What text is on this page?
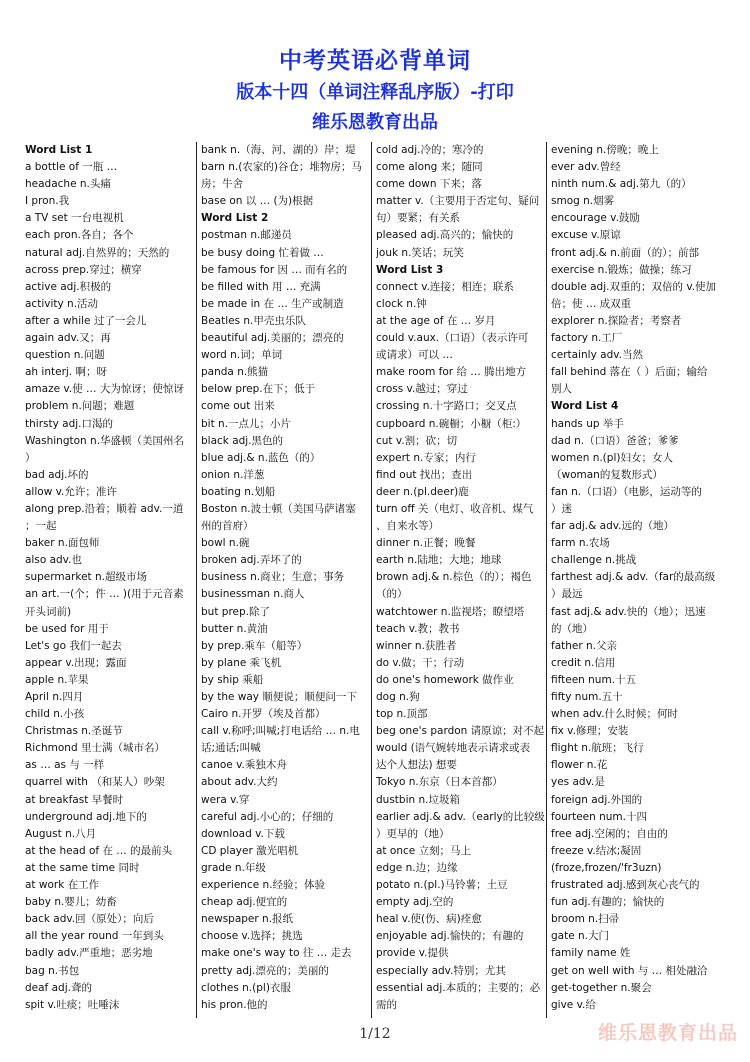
中考英语必背单词
版本十四（单词注释乱序版）-打印
维乐恩教育出品
Word List 1
a bottle of 一瓶 …
headache n.头痛
I pron.我
a TV set 一台电视机
each pron.各自；各个
natural adj.自然界的；天然的
across prep.穿过；横穿
active adj.积极的
activity n.活动
after a while 过了一会儿
again adv.又；再
question n.问题
ah interj. 啊；呀
amaze v.使 … 大为惊讶；使惊讶
problem n.问题；难题
thirsty adj.口渴的
Washington n.华盛顿（美国州名
）
bad adj.坏的
allow v.允许；准许
along prep.沿着；顺着 adv.一道
；一起
baker n.面包师
also adv.也
supermarket n.超级市场
an art.一(个；件 … )(用于元音素
开头词前)
be used for 用于
Let's go 我们一起去
appear v.出现；露面
apple n.苹果
April n.四月
child n.小孩
Christmas n.圣诞节
Richmond 里士满（城市名）
as … as 与 一样
quarrel with （和某人）吵架
at breakfast 早餐时
underground adj.地下的
August n.八月
at the head of 在 … 的最前头
at the same time 同时
at work 在工作
baby n.婴儿；幼畜
back adv.回（原处）；向后
all the year round 一年到头
badly adv.严重地；恶劣地
bag n.书包
deaf adj.聋的
spit v.吐痰；吐唾沫
bank n.（海、河、湖的）岸；堤
barn n.(农家的)谷仓；堆物房；马
房；牛舍
base on 以 … (为)根据
Word List 2
postman n.邮递员
be busy doing 忙着做 …
be famous for 因 … 而有名的
be filled with 用 … 充满
be made in 在 … 生产或制造
Beatles n.甲壳虫乐队
beautiful adj.美丽的；漂亮的
word n.词；单词
panda n.熊猫
below prep.在下；低于
come out 出来
bit n.一点儿；小片
black adj.黑色的
blue adj.& n.蓝色（的）
onion n.洋葱
boating n.划船
Boston n.波士顿（美国马萨诸塞
州的首府）
bowl n.碗
broken adj.弄坏了的
business n.商业；生意；事务
businessman n.商人
but prep.除了
butter n.黄油
by prep.乘车（船等）
by plane 乘飞机
by ship 乘船
by the way 顺便说；顺便问一下
Cairo n.开罗（埃及首都）
call v.称呼;叫喊;打电话给 … n.电
话;通话;叫喊
canoe v.乘独木舟
about adv.大约
wera v.穿
careful adj.小心的；仔细的
download v.下载
CD player 激光唱机
grade n.年级
experience n.经验；体验
cheap adj.便宜的
newspaper n.报纸
choose v.选择；挑选
make one's way to 往 … 走去
pretty adj.漂亮的；美丽的
clothes n.(pl)衣服
his pron.他的
cold adj.冷的；寒冷的
come along 来；随同
come down 下来；落
matter v.（主要用于否定句、疑问
句）要紧；有关系
pleased adj.高兴的；愉快的
jouk n.笑话；玩笑
Word List 3
connect v.连接；相连；联系
clock n.钟
at the age of 在 … 岁月
could v.aux.（口语）（表示许可
或请求）可以 …
make room for 给 … 腾出地方
cross v.越过；穿过
crossing n.十字路口；交叉点
cupboard n.碗橱；小橱（柜:）
cut v.割；砍；切
expert n.专家；内行
find out 找出；查出
deer n.(pl.deer)鹿
turn off 关（电灯、收音机、煤气
、自来水等）
dinner n.正餐；晚餐
earth n.陆地；大地；地球
brown adj.& n.棕色（的）；褐色
（的）
watchtower n.监视塔；瞭望塔
teach v.教；教书
winner n.获胜者
do v.做；干；行动
do one's homework 做作业
dog n.狗
top n.顶部
beg one's pardon 请原谅；对不起
would (语气婉转地表示请求或表
达个人想法) 想要
Tokyo n.东京（日本首都）
dustbin n.垃圾箱
earlier adj.& adv.（early的比较级
）更早的（地）
at once 立刻；马上
edge n.边；边缘
potato n.(pl.)马铃薯；土豆
empty adj.空的
heal v.使(伤、病)痊愈
enjoyable adj.愉快的；有趣的
provide v.提供
especially adv.特别；尤其
essential adj.本质的；主要的；必
需的
evening n.傍晚；晚上
ever adv.曾经
ninth num.& adj.第九（的）
smog n.烟雾
encourage v.鼓励
excuse v.原谅
front adj.& n.前面（的）；前部
exercise n.锻炼；做操；练习
double adj.双重的；双倍的 v.使加
倍；使 … 成双重
explorer n.探险者；考察者
factory n.工厂
certainly adv.当然
fall behind 落在（ ）后面；输给
别人
Word List 4
hands up 举手
dad n.（口语）爸爸；爹爹
women n.(pl)妇女；女人
（woman的复数形式）
fan n.（口语）（电影，运动等的
）迷
far adj.& adv.远的（地）
farm n.农场
challenge n.挑战
farthest adj.& adv.（far的最高级
）最远
fast adj.& adv.快的（地）；迅速
的（地）
father n.父亲
credit n.信用
fifteen num.十五
fifty num.五十
when adv.什么时候；何时
fix v.修理；安装
flight n.航班；飞行
flower n.花
yes adv.是
foreign adj.外国的
fourteen num.十四
free adj.空闲的；自由的
freeze v.结冰;凝固
(froze,frozen/'fr3uzn)
frustrated adj.感到灰心丧气的
fun adj.有趣的；愉快的
broom n.扫帚
gate n.大门
family name 姓
get on well with 与 … 相处融洽
get-together n.聚会
give v.给
1/12	维乐恩教育出品
